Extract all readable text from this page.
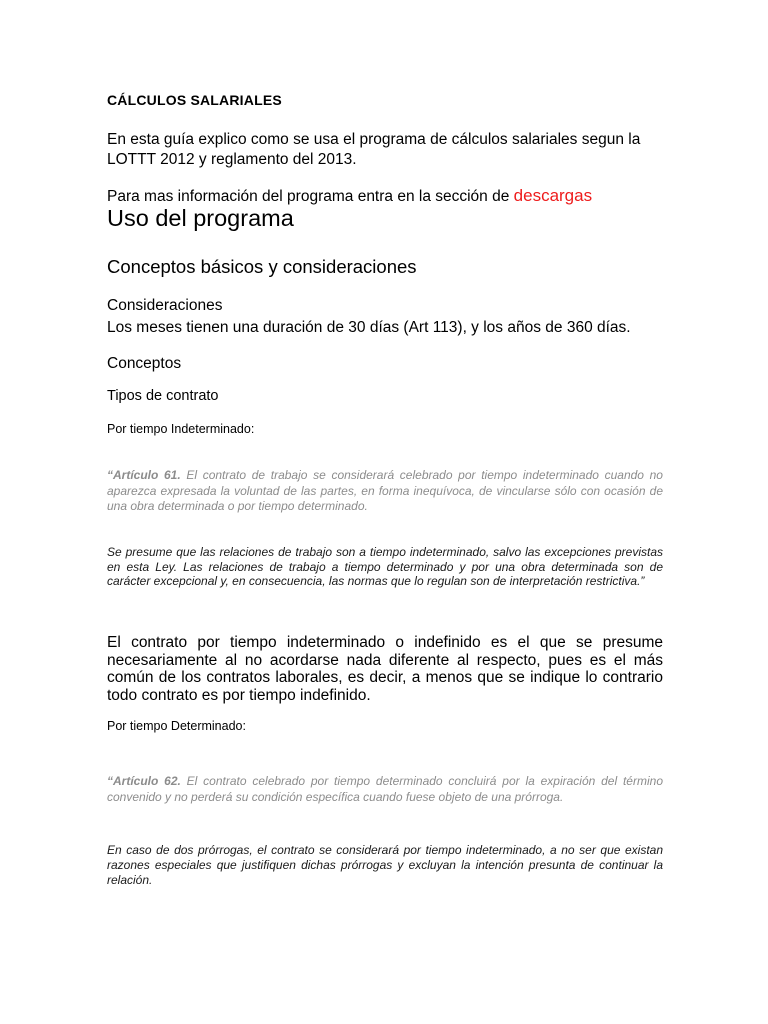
CÁLCULOS SALARIALES
En esta guía explico como se usa el programa de cálculos salariales segun la LOTTT 2012 y reglamento del 2013.
Para mas información del programa entra en la sección de descargas
Uso del programa
Conceptos básicos y consideraciones
Consideraciones
Los meses tienen una duración de 30 días (Art 113), y los años de 360 días.
Conceptos
Tipos de contrato
Por tiempo Indeterminado:
“Artículo 61. El contrato de trabajo se considerará celebrado por tiempo indeterminado cuando no aparezca expresada la voluntad de las partes, en forma inequívoca, de vincularse sólo con ocasión de una obra determinada o por tiempo determinado.
Se presume que las relaciones de trabajo son a tiempo indeterminado, salvo las excepciones previstas en esta Ley. Las relaciones de trabajo a tiempo determinado y por una obra determinada son de carácter excepcional y, en consecuencia, las normas que lo regulan son de interpretación restrictiva.”
El contrato por tiempo indeterminado o indefinido es el que se presume necesariamente al no acordarse nada diferente al respecto, pues es el más común de los contratos laborales, es decir, a menos que se indique lo contrario todo contrato es por tiempo indefinido.
Por tiempo Determinado:
“Artículo 62. El contrato celebrado por tiempo determinado concluirá por la expiración del término convenido y no perderá su condición específica cuando fuese objeto de una prórroga.
En caso de dos prórrogas, el contrato se considerará por tiempo indeterminado, a no ser que existan razones especiales que justifiquen dichas prórrogas y excluyan la intención presunta de continuar la relación.
